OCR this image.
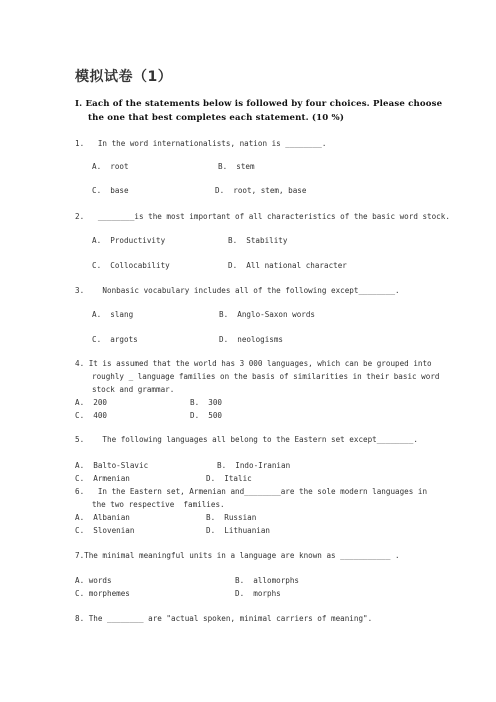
模拟试卷（1）
Ⅰ. Each of the statements below is followed by four choices. Please choose
the one that best completes each statement. (10 %)
1.   In the word internationalists, nation is ________.
A.  root	B.  stem
C.  base	D.  root, stem, base
2.   ________is the most important of all characteristics of the basic word stock.
A.  Productivity	B.  Stability
C.  Collocability	D.  All national character
3.    Nonbasic vocabulary includes all of the following except________.
A.  slang	B.  Anglo-Saxon words
C.  argots	D.  neologisms
4. It is assumed that the world has 3 000 languages, which can be grouped into
roughly _ language families on the basis of similarities in their basic word
stock and grammar.
A.  200	B.  300
C.  400	D.  500
5.    The following languages all belong to the Eastern set except________.
A.  Balto-Slavic	B.  Indo-Iranian
C.  Armenian	D.  Italic
6.   In the Eastern set, Armenian and________are the sole modern languages in
the two respective  families.
A.  Albanian	B.  Russian
C.  Slovenian	D.  Lithuanian
7.The minimal meaningful units in a language are known as ___________ .
A. words	B.  allomorphs
C. morphemes	D.  morphs
8. The ________ are "actual spoken, minimal carriers of meaning".
